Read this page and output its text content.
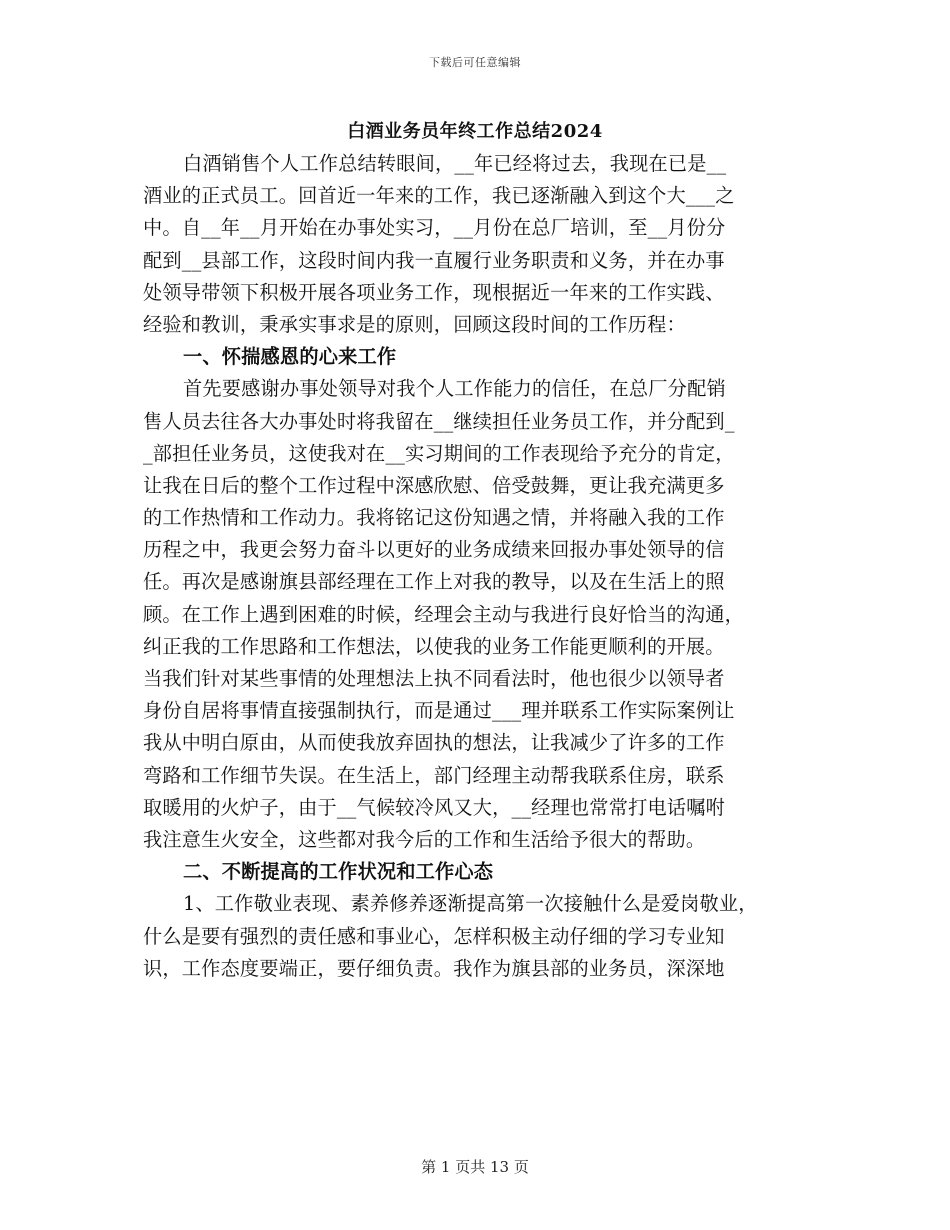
下载后可任意编辑
白酒业务员年终工作总结2024
白酒销售个人工作总结转眼间，__年已经将过去，我现在已是__
酒业的正式员工。回首近一年来的工作，我已逐渐融入到这个大___之
中。自__年__月开始在办事处实习，__月份在总厂培训，至__月份分
配到__县部工作，这段时间内我一直履行业务职责和义务，并在办事
处领导带领下积极开展各项业务工作，现根据近一年来的工作实践、
经验和教训，秉承实事求是的原则，回顾这段时间的工作历程：
一、怀揣感恩的心来工作
首先要感谢办事处领导对我个人工作能力的信任，在总厂分配销
售人员去往各大办事处时将我留在__继续担任业务员工作，并分配到_
_部担任业务员，这使我对在__实习期间的工作表现给予充分的肯定，
让我在日后的整个工作过程中深感欣慰、倍受鼓舞，更让我充满更多
的工作热情和工作动力。我将铭记这份知遇之情，并将融入我的工作
历程之中，我更会努力奋斗以更好的业务成绩来回报办事处领导的信
任。再次是感谢旗县部经理在工作上对我的教导，以及在生活上的照
顾。在工作上遇到困难的时候，经理会主动与我进行良好恰当的沟通，
纠正我的工作思路和工作想法，以使我的业务工作能更顺利的开展。
当我们针对某些事情的处理想法上执不同看法时，他也很少以领导者
身份自居将事情直接强制执行，而是通过___理并联系工作实际案例让
我从中明白原由，从而使我放弃固执的想法，让我减少了许多的工作
弯路和工作细节失误。在生活上，部门经理主动帮我联系住房，联系
取暖用的火炉子，由于__气候较冷风又大，__经理也常常打电话嘱咐
我注意生火安全，这些都对我今后的工作和生活给予很大的帮助。
二、不断提高的工作状况和工作心态
1、工作敬业表现、素养修养逐渐提高第一次接触什么是爱岗敬业，
什么是要有强烈的责任感和事业心，怎样积极主动仔细的学习专业知
识，工作态度要端正，要仔细负责。我作为旗县部的业务员，深深地
第 1 页共 13 页
